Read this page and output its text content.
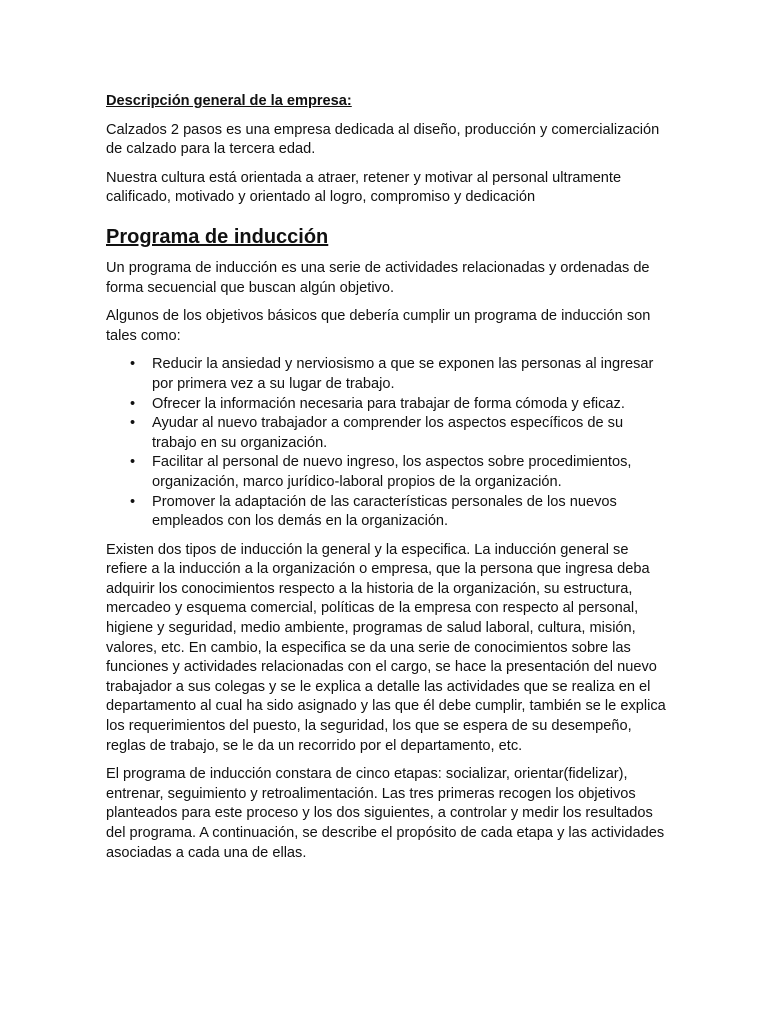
Descripción general de la empresa:

Calzados 2 pasos es una empresa dedicada al diseño, producción y comercialización de calzado para la tercera edad.

Nuestra cultura está orientada a atraer, retener y motivar al personal ultramente calificado, motivado y orientado al logro, compromiso y dedicación

Programa de inducción

Un programa de inducción es una serie de actividades relacionadas y ordenadas de forma secuencial que buscan algún objetivo.

Algunos de los objetivos básicos que debería cumplir un programa de inducción son tales como:

• Reducir la ansiedad y nerviosismo a que se exponen las personas al ingresar por primera vez a su lugar de trabajo.
• Ofrecer la información necesaria para trabajar de forma cómoda y eficaz.
• Ayudar al nuevo trabajador a comprender los aspectos específicos de su trabajo en su organización.
• Facilitar al personal de nuevo ingreso, los aspectos sobre procedimientos, organización, marco jurídico-laboral propios de la organización.
• Promover la adaptación de las características personales de los nuevos empleados con los demás en la organización.

Existen dos tipos de inducción la general y la especifica. La inducción general se refiere a la inducción a la organización o empresa, que la persona que ingresa deba adquirir los conocimientos respecto a la historia de la organización, su estructura, mercadeo y esquema comercial, políticas de la empresa con respecto al personal, higiene y seguridad, medio ambiente, programas de salud laboral, cultura, misión, valores, etc. En cambio, la especifica se da una serie de conocimientos sobre las funciones y actividades relacionadas con el cargo, se hace la presentación del nuevo trabajador a sus colegas y se le explica a detalle las actividades que se realiza en el departamento al cual ha sido asignado y las que él debe cumplir, también se le explica los requerimientos del puesto, la seguridad, los que se espera de su desempeño, reglas de trabajo, se le da un recorrido por el departamento, etc.

El programa de inducción constara de cinco etapas: socializar, orientar(fidelizar), entrenar, seguimiento y retroalimentación. Las tres primeras recogen los objetivos planteados para este proceso y los dos siguientes, a controlar y medir los resultados del programa. A continuación, se describe el propósito de cada etapa y las actividades asociadas a cada una de ellas.
